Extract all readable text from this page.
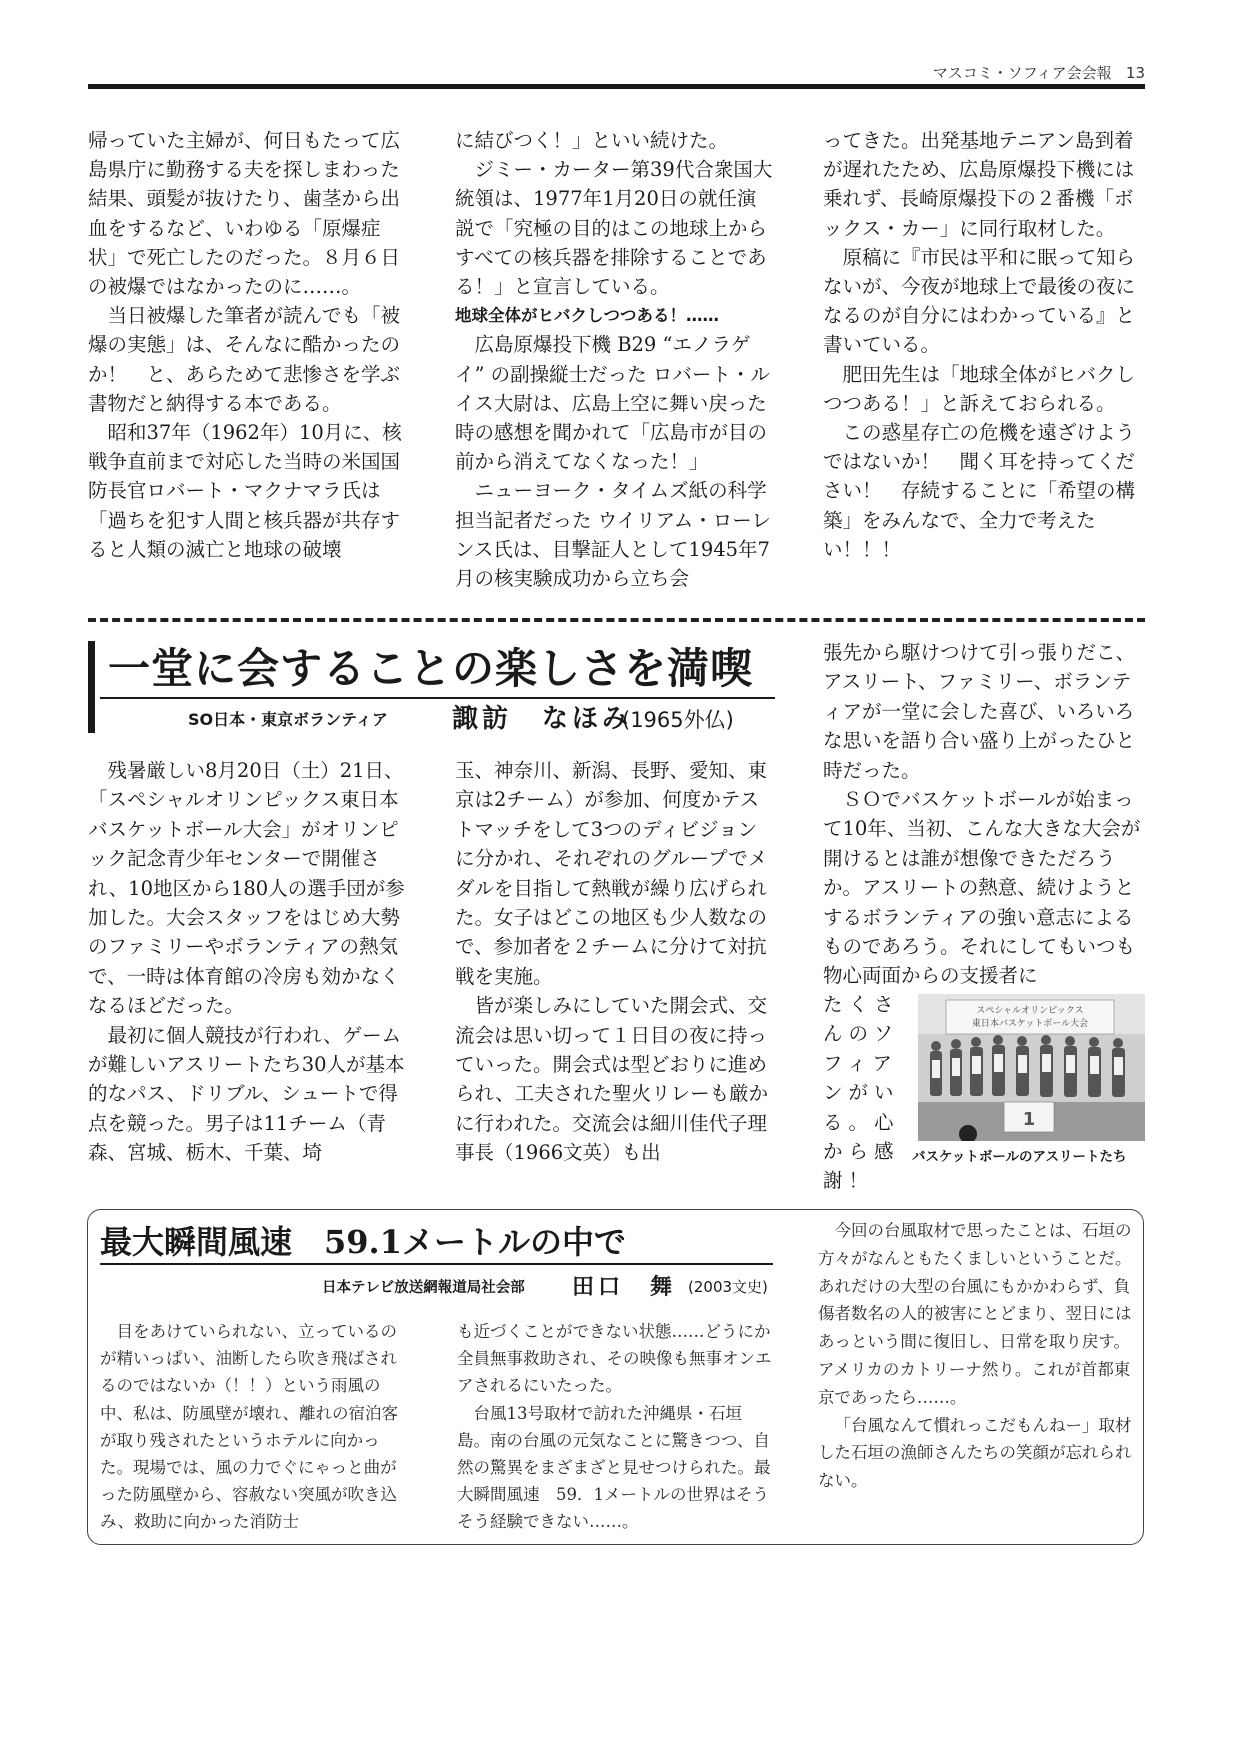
マスコミ・ソフィア会会報 13

帰っていた主婦が、何日もたって広島県庁に勤務する夫を探しまわった結果、頭髪が抜けたり、歯茎から出血をするなど、いわゆる「原爆症状」で死亡したのだった。８月６日の被爆ではなかったのに……。

当日被爆した筆者が読んでも「被爆の実態」は、そんなに酷かったのか！　と、あらためて悲惨さを学ぶ書物だと納得する本である。

昭和37年（1962年）10月に、核戦争直前まで対応した当時の米国国防長官ロバート・マクナマラ氏は「過ちを犯す人間と核兵器が共存すると人類の滅亡と地球の破壊

に結びつく！」といい続けた。

ジミー・カーター第39代合衆国大統領は、1977年1月20日の就任演説で「究極の目的はこの地球上からすべての核兵器を排除することである！」と宣言している。

地球全体がヒバクしつつある！……

広島原爆投下機 B29 “エノラゲイ” の副操縦士だった ロバート・ルイス大尉は、広島上空に舞い戻った時の感想を聞かれて「広島市が目の前から消えてなくなった！」

ニューヨーク・タイムズ紙の科学担当記者だった ウイリアム・ローレンス氏は、目撃証人として1945年7月の核実験成功から立ち会

ってきた。出発基地テニアン島到着が遅れたため、広島原爆投下機には乗れず、長崎原爆投下の２番機「ボックス・カー」に同行取材した。

原稿に『市民は平和に眠って知らないが、今夜が地球上で最後の夜になるのが自分にはわかっている』と書いている。

肥田先生は「地球全体がヒバクしつつある！」と訴えておられる。

この惑星存亡の危機を遠ざけようではないか！　聞く耳を持ってください！　存続することに「希望の構築」をみんなで、全力で考えたい！！！

一堂に会することの楽しさを満喫
SO日本・東京ボランティア 諏訪　なほみ
(1965外仏)

残暑厳しい8月20日（土）21日、「スペシャルオリンピックス東日本バスケットボール大会」がオリンピック記念青少年センターで開催され、10地区から180人の選手団が参加した。大会スタッフをはじめ大勢のファミリーやボランティアの熱気で、一時は体育館の冷房も効かなくなるほどだった。

最初に個人競技が行われ、ゲームが難しいアスリートたち30人が基本的なパス、ドリブル、シュートで得点を競った。男子は11チーム（青森、宮城、栃木、千葉、埼

玉、神奈川、新潟、長野、愛知、東京は2チーム）が参加、何度かテストマッチをして3つのディビジョンに分かれ、それぞれのグループでメダルを目指して熱戦が繰り広げられた。女子はどこの地区も少人数なので、参加者を２チームに分けて対抗戦を実施。

皆が楽しみにしていた開会式、交流会は思い切って１日目の夜に持っていった。開会式は型どおりに進められ、工夫された聖火リレーも厳かに行われた。交流会は細川佳代子理事長（1966文英）も出

張先から駆けつけて引っ張りだこ、アスリート、ファミリー、ボランティアが一堂に会した喜び、いろいろな思いを語り合い盛り上がったひと時だった。

ＳＯでバスケットボールが始まって10年、当初、こんな大きな大会が開けるとは誰が想像できただろうか。アスリートの熱意、続けようとするボランティアの強い意志によるものであろう。それにしてもいつも物心両面からの支援者に

たくさんのソフィアンがいる。心から感謝！

スペシャルオリンピックス
東日本バスケットボール大会
1
バスケットボールのアスリートたち
最大瞬間風速　59.1メートルの中で
日本テレビ放送網報道局社会部 田口　舞 (2003文史)

目をあけていられない、立っているのが精いっぱい、油断したら吹き飛ばされるのではないか（！！）という雨風の中、私は、防風壁が壊れ、離れの宿泊客が取り残されたというホテルに向かった。現場では、風の力でぐにゃっと曲がった防風壁から、容赦ない突風が吹き込み、救助に向かった消防士

も近づくことができない状態……どうにか全員無事救助され、その映像も無事オンエアされるにいたった。

台風13号取材で訪れた沖縄県・石垣島。南の台風の元気なことに驚きつつ、自然の驚異をまざまざと見せつけられた。最大瞬間風速　59．1メートルの世界はそうそう経験できない……。

今回の台風取材で思ったことは、石垣の方々がなんともたくましいということだ。あれだけの大型の台風にもかかわらず、負傷者数名の人的被害にとどまり、翌日にはあっという間に復旧し、日常を取り戻す。アメリカのカトリーナ然り。これが首都東京であったら……。

「台風なんて慣れっこだもんねー」取材した石垣の漁師さんたちの笑顔が忘れられない。
